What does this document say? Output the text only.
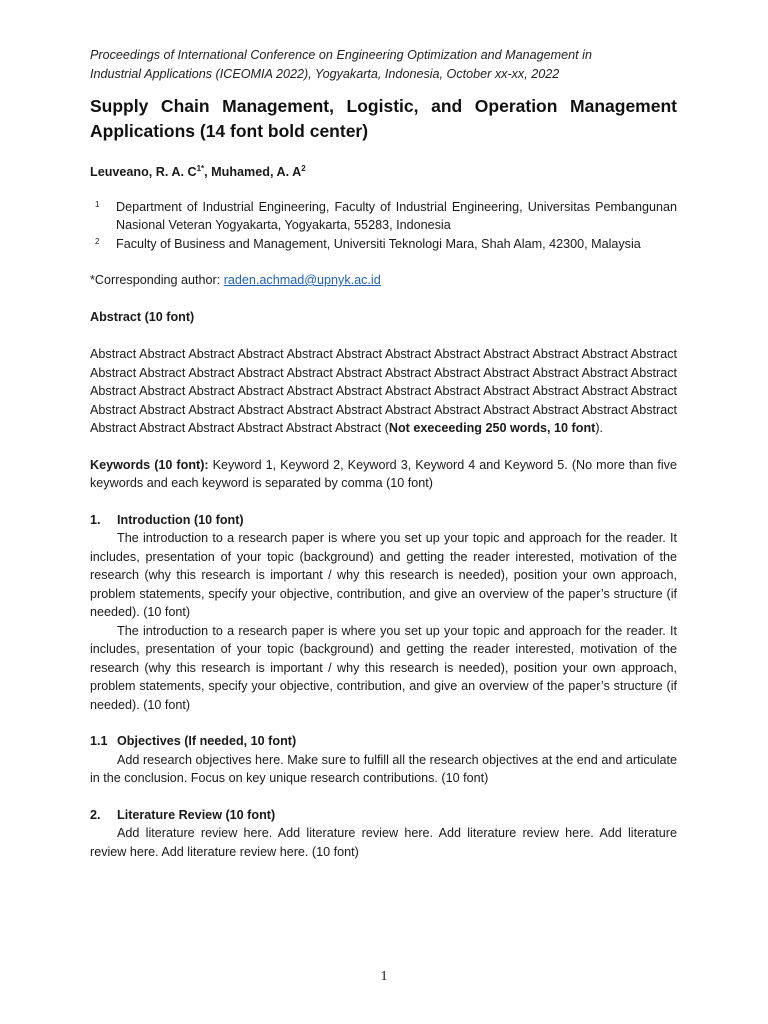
Proceedings of International Conference on Engineering Optimization and Management in
Industrial Applications (ICEOMIA 2022), Yogyakarta, Indonesia, October xx-xx, 2022
Supply Chain Management, Logistic, and Operation Management Applications (14 font bold center)
Leuveano, R. A. $C^{1*}$, Muhamed, A. $A^2$
1	Department of Industrial Engineering, Faculty of Industrial Engineering, Universitas Pembangunan Nasional Veteran Yogyakarta, Yogyakarta, 55283, Indonesia
2	Faculty of Business and Management, Universiti Teknologi Mara, Shah Alam, 42300, Malaysia
*Corresponding author: raden.achmad@upnyk.ac.id
Abstract (10 font)
Abstract Abstract Abstract Abstract Abstract Abstract Abstract Abstract Abstract Abstract Abstract Abstract Abstract Abstract Abstract Abstract Abstract Abstract Abstract Abstract Abstract Abstract Abstract Abstract Abstract Abstract Abstract Abstract Abstract Abstract Abstract Abstract Abstract Abstract Abstract Abstract Abstract Abstract Abstract Abstract Abstract Abstract Abstract Abstract Abstract Abstract Abstract Abstract Abstract Abstract Abstract Abstract Abstract Abstract (Not execeeding 250 words, 10 font).
Keywords (10 font): Keyword 1, Keyword 2, Keyword 3, Keyword 4 and Keyword 5. (No more than five keywords and each keyword is separated by comma (10 font)
1.	Introduction (10 font)
The introduction to a research paper is where you set up your topic and approach for the reader. It includes, presentation of your topic (background) and getting the reader interested, motivation of the research (why this research is important / why this research is needed), position your own approach, problem statements, specify your objective, contribution, and give an overview of the paper’s structure (if needed). (10 font)
The introduction to a research paper is where you set up your topic and approach for the reader. It includes, presentation of your topic (background) and getting the reader interested, motivation of the research (why this research is important / why this research is needed), position your own approach, problem statements, specify your objective, contribution, and give an overview of the paper’s structure (if needed). (10 font)
1.1 Objectives (If needed, 10 font)
Add research objectives here. Make sure to fulfill all the research objectives at the end and articulate in the conclusion. Focus on key unique research contributions. (10 font)
2.	Literature Review (10 font)
Add literature review here. Add literature review here. Add literature review here. Add literature review here. Add literature review here. (10 font)
1
